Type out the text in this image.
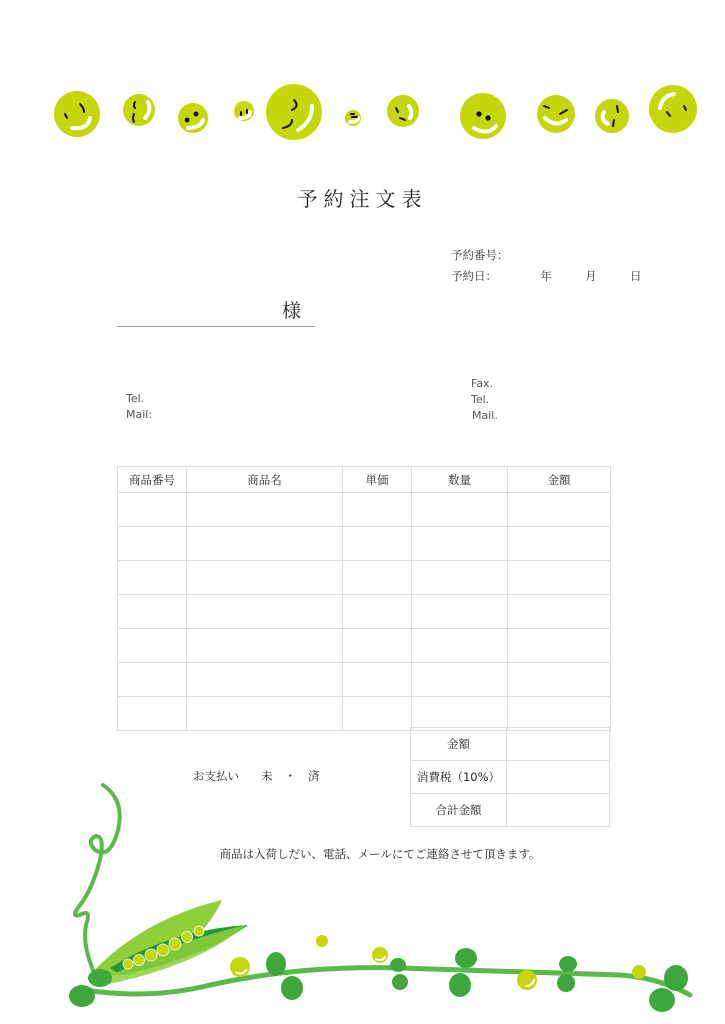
予約注文表
予約番号：
予約日：	年	月	日
様
Tel.
Mail:
Fax.
Tel.
Mail.
商品番号	商品名	単価	数量	金額

金額	
消費税（10%）	
合計金額	
お支払い 未 ・ 済
商品は入荷しだい、電話、メールにてご連絡させて頂きます。
